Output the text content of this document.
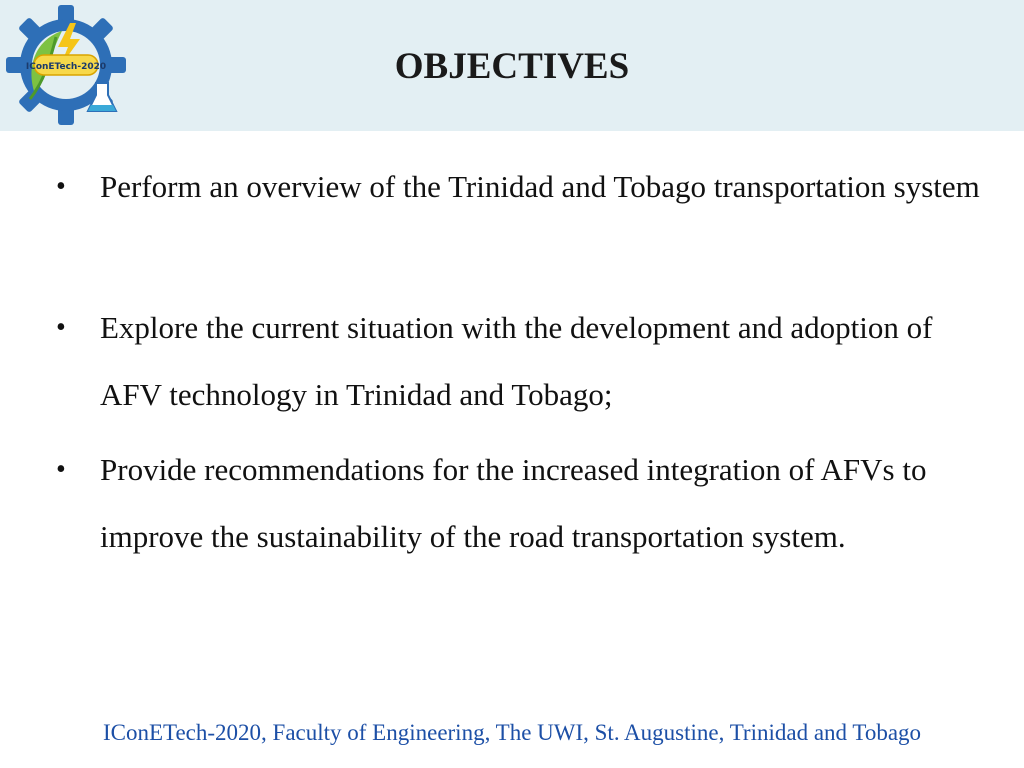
IConETech-2020	OBJECTIVES
•	Perform an overview of the Trinidad and Tobago transportation system
•	Explore the current situation with the development and adoption of AFV technology in Trinidad and Tobago;
•	Provide recommendations for the increased integration of AFVs to improve the sustainability of the road transportation system.
IConETech-2020, Faculty of Engineering, The UWI, St. Augustine, Trinidad and Tobago
